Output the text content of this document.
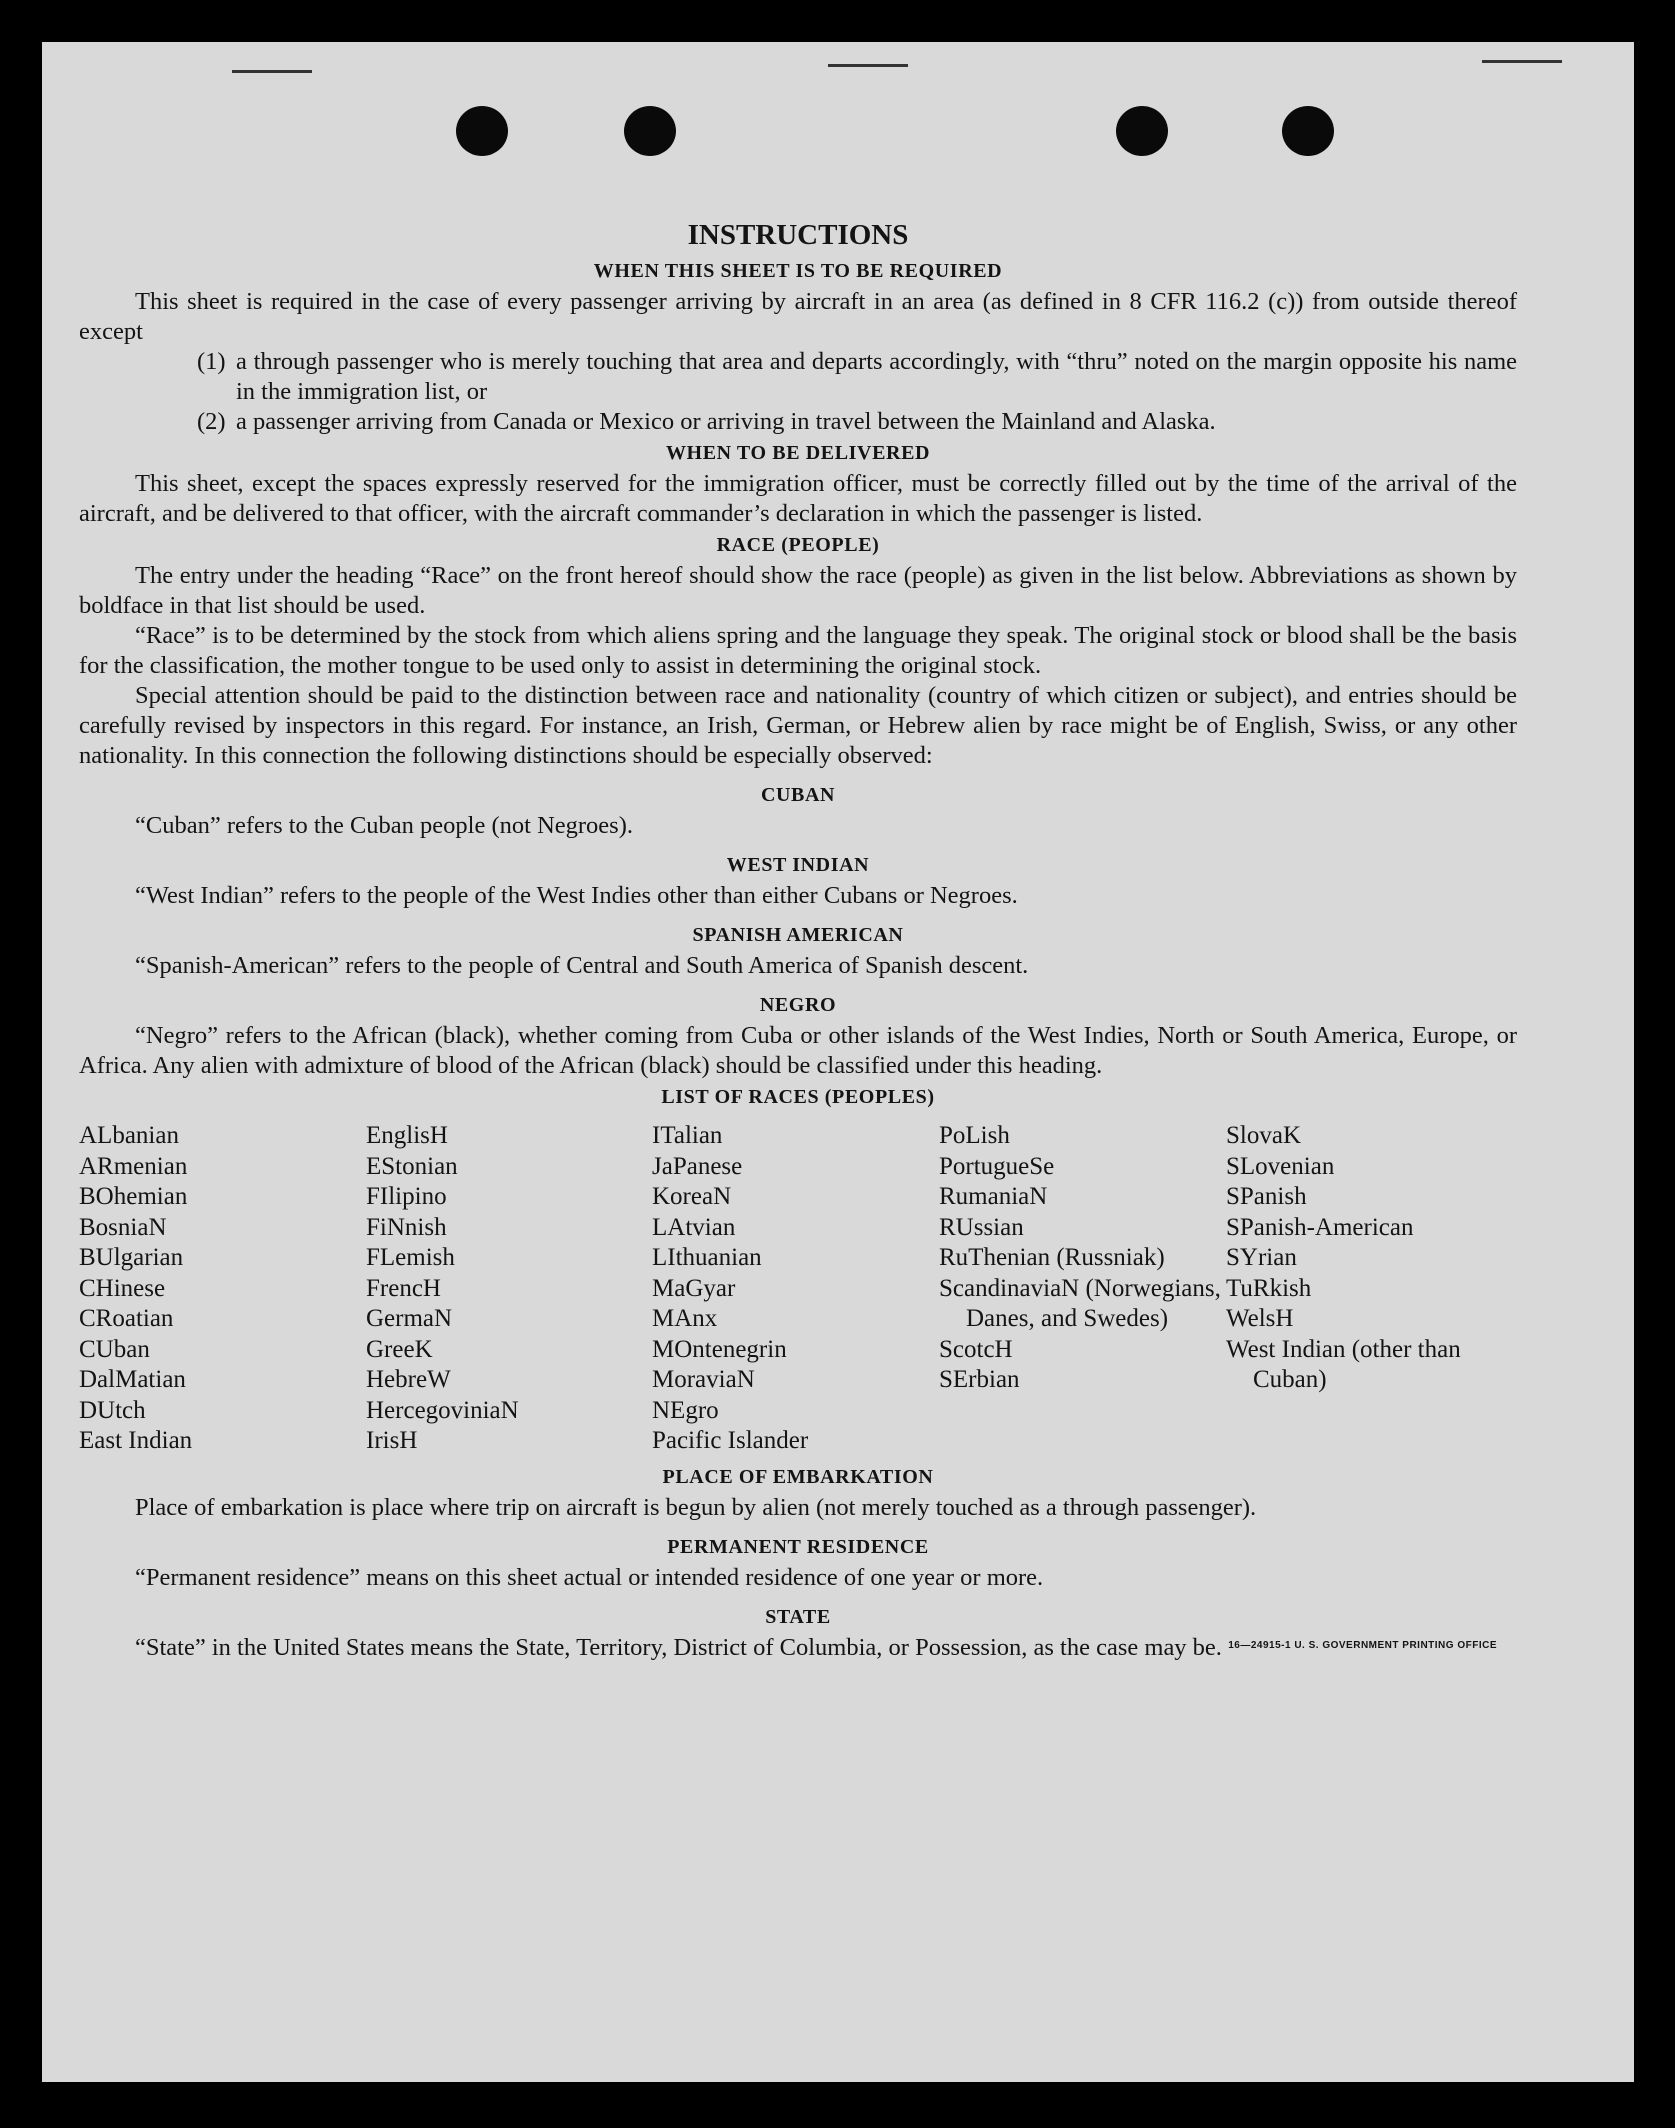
INSTRUCTIONS
WHEN THIS SHEET IS TO BE REQUIRED

This sheet is required in the case of every passenger arriving by aircraft in an area (as defined in 8 CFR 116.2 (c)) from outside thereof except

(1) a through passenger who is merely touching that area and departs accordingly, with “thru” noted on the margin opposite his name in the immigration list, or
(2) a passenger arriving from Canada or Mexico or arriving in travel between the Mainland and Alaska.
WHEN TO BE DELIVERED

This sheet, except the spaces expressly reserved for the immigration officer, must be correctly filled out by the time of the arrival of the aircraft, and be delivered to that officer, with the aircraft commander’s declaration in which the passenger is listed.

RACE (PEOPLE)

The entry under the heading “Race” on the front hereof should show the race (people) as given in the list below. Abbreviations as shown by boldface in that list should be used.

“Race” is to be determined by the stock from which aliens spring and the language they speak. The original stock or blood shall be the basis for the classification, the mother tongue to be used only to assist in determining the original stock.

Special attention should be paid to the distinction between race and nationality (country of which citizen or subject), and entries should be carefully revised by inspectors in this regard. For instance, an Irish, German, or Hebrew alien by race might be of English, Swiss, or any other nationality. In this connection the following distinctions should be especially observed:

CUBAN

“Cuban” refers to the Cuban people (not Negroes).

WEST INDIAN

“West Indian” refers to the people of the West Indies other than either Cubans or Negroes.

SPANISH AMERICAN

“Spanish-American” refers to the people of Central and South America of Spanish descent.

NEGRO

“Negro” refers to the African (black), whether coming from Cuba or other islands of the West Indies, North or South America, Europe, or Africa. Any alien with admixture of blood of the African (black) should be classified under this heading.

LIST OF RACES (PEOPLES)
ALbanian
ARmenian
BOhemian
BosniaN
BUlgarian
CHinese
CRoatian
CUban
DalMatian
DUtch
East Indian
EnglisH
EStonian
FIlipino
FiNnish
FLemish
FrencH
GermaN
GreeK
HebreW
HercegoviniaN
IrisH
ITalian
JaPanese
KoreaN
LAtvian
LIthuanian
MaGyar
MAnx
MOntenegrin
MoraviaN
NEgro
Pacific Islander
PoLish
PortugueSe
RumaniaN
RUssian
RuThenian (Russniak)
ScandinaviaN (Norwegians, Danes, and Swedes)
ScotcH
SErbian
SlovaK
SLovenian
SPanish
SPanish-American
SYrian
TuRkish
WelsH
West Indian (other than Cuban)
PLACE OF EMBARKATION

Place of embarkation is place where trip on aircraft is begun by alien (not merely touched as a through passenger).

PERMANENT RESIDENCE

“Permanent residence” means on this sheet actual or intended residence of one year or more.

STATE

“State” in the United States means the State, Territory, District of Columbia, or Possession, as the case may be. 16—24915-1 U. S. GOVERNMENT PRINTING OFFICE
